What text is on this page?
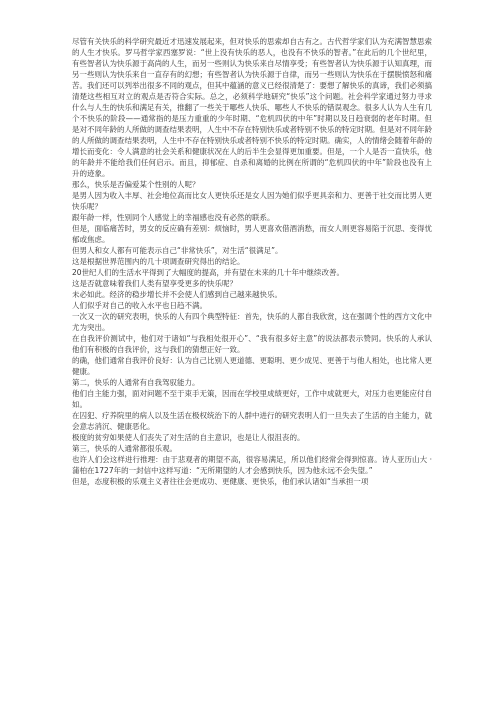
尽管有关快乐的科学研究最近才迅速发展起来，但对快乐的思索却自古有之。古代哲学家们认为充满智慧思索的人生才快乐。罗马哲学家西塞罗说：“世上没有快乐的恶人，也没有不快乐的智者。”在此后的几个世纪里，有些智者认为快乐源于高尚的人生，而另一些则认为快乐来自尽情享受；有些智者认为快乐源于认知真理，而另一些则认为快乐来自一直存有的幻想；有些智者认为快乐源于自律，而另一些则认为快乐在于摆脱愤怒和痛苦。我们还可以列举出很多不同的观点，但其中蕴涵的意义已经很清楚了：要想了解快乐的真谛，我们必须搞清楚这些相互对立的观点是否符合实际。总之，必须科学地研究“快乐”这个问题。社会科学家通过努力寻求什么与人生的快乐和满足有关，推翻了一些关于哪些人快乐、哪些人不快乐的错误观念。很多人认为人生有几个不快乐的阶段——通常指的是压力重重的少年时期、“危机四伏的中年”时期以及日趋衰弱的老年时期。但是对不同年龄的人所做的调查结果表明，人生中不存在特别快乐或者特别不快乐的特定时期。但是对不同年龄的人所做的调查结果表明，人生中不存在特别快乐或者特别不快乐的特定时期。确实，人的情绪会随着年龄的增长而变化：令人满意的社会关系和健康状况在人的后半生会显得更加重要。但是，一个人是否一直快乐，他的年龄并不能给我们任何启示。而且，抑郁症、自杀和离婚的比例在所谓的“危机四伏的中年”阶段也没有上升的迹象。

那么，快乐是否偏爱某个性别的人呢？

是男人因为收入丰厚、社会地位高而比女人更快乐还是女人因为她们似乎更具亲和力、更善于社交而比男人更快乐呢？

跟年龄一样，性别同个人感觉上的幸福感也没有必然的联系。

但是，面临痛苦时，男女的反应确有差别：烦恼时，男人更喜欢借酒消愁，而女人则更容易陷于沉思、变得忧郁或焦虑。

但男人和女人都有可能表示自己“非常快乐”，对生活“很满足”。

这是根据世界范围内的几十项调查研究得出的结论。

20世纪人们的生活水平得到了大幅度的提高，并有望在未来的几十年中继续改善。

这是否就意味着我们人类有望享受更多的快乐呢？

未必如此。经济的稳步增长并不会使人们感到自己越来越快乐。

人们似乎对自己的收入水平也日趋不满。

一次又一次的研究表明，快乐的人有四个典型特征：首先，快乐的人都自我欣赏，这在强调个性的西方文化中尤为突出。

在自我评价测试中，他们对于诸如“与我相处很开心”、“我有很多好主意”的说法都表示赞同。快乐的人承认他们有积极的自我评价，这与我们的猜想正好一致。

的确，他们通常自我评价良好：认为自己比别人更道德、更聪明、更少成见、更善于与他人相处，也比常人更健康。

第二，快乐的人通常有自我驾驭能力。

他们自主能力强，面对问题不至于束手无策，因而在学校里成绩更好，工作中成就更大，对压力也更能应付自如。

在囚犯、疗养院里的病人以及生活在极权统治下的人群中进行的研究表明人们一旦失去了生活的自主能力，就会意志消沉、健康恶化。

极度的贫穷如果使人们丧失了对生活的自主意识，也是让人很沮丧的。

第三，快乐的人通常都很乐观。

也许人们会这样进行推理：由于悲观者的期望不高，很容易满足，所以他们经常会得到惊喜。诗人亚历山大 · 蒲柏在1727年的一封信中这样写道：“无所期望的人才会感到快乐，因为他永远不会失望。”

但是，态度积极的乐观主义者往往会更成功、更健康、更快乐，他们承认诸如“当承担一项
